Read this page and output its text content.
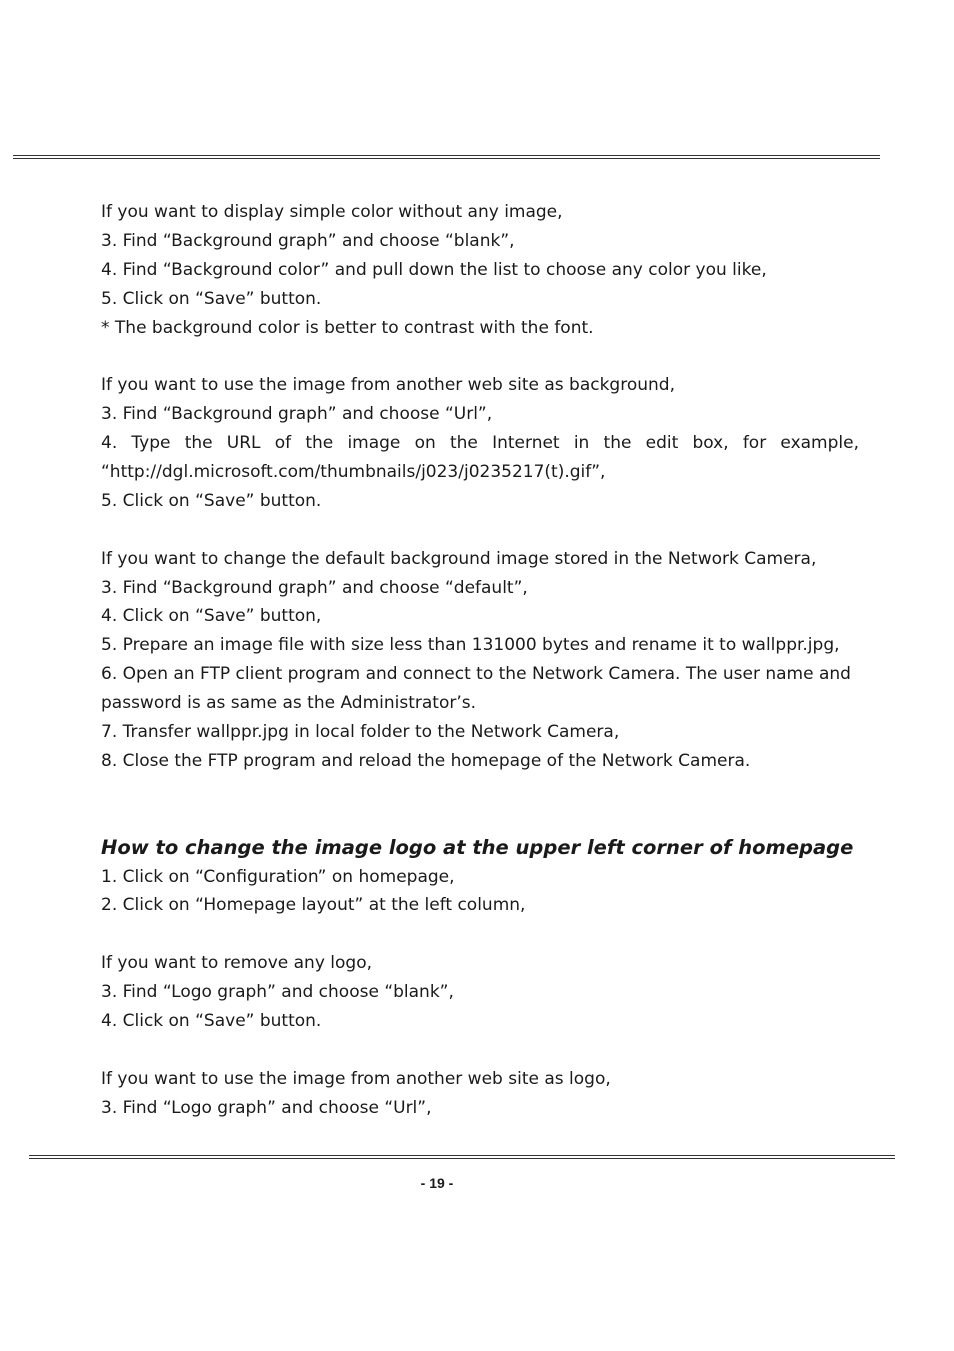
If you want to display simple color without any image,
3. Find “Background graph” and choose “blank”,
4. Find “Background color” and pull down the list to choose any color you like,
5. Click on “Save” button.
* The background color is better to contrast with the font.
If you want to use the image from another web site as background,
3. Find “Background graph” and choose “Url”,
4. Type the URL of the image on the Internet in the edit box, for example,
“http://dgl.microsoft.com/thumbnails/j023/j0235217(t).gif”,
5. Click on “Save” button.
If you want to change the default background image stored in the Network Camera,
3. Find “Background graph” and choose “default”,
4. Click on “Save” button,
5. Prepare an image file with size less than 131000 bytes and rename it to wallppr.jpg,
6. Open an FTP client program and connect to the Network Camera. The user name and
password is as same as the Administrator’s.
7. Transfer wallppr.jpg in local folder to the Network Camera,
8. Close the FTP program and reload the homepage of the Network Camera.
How to change the image logo at the upper left corner of homepage
1. Click on “Configuration” on homepage,
2. Click on “Homepage layout” at the left column,
If you want to remove any logo,
3. Find “Logo graph” and choose “blank”,
4. Click on “Save” button.
If you want to use the image from another web site as logo,
3. Find “Logo graph” and choose “Url”,
- 19 -
